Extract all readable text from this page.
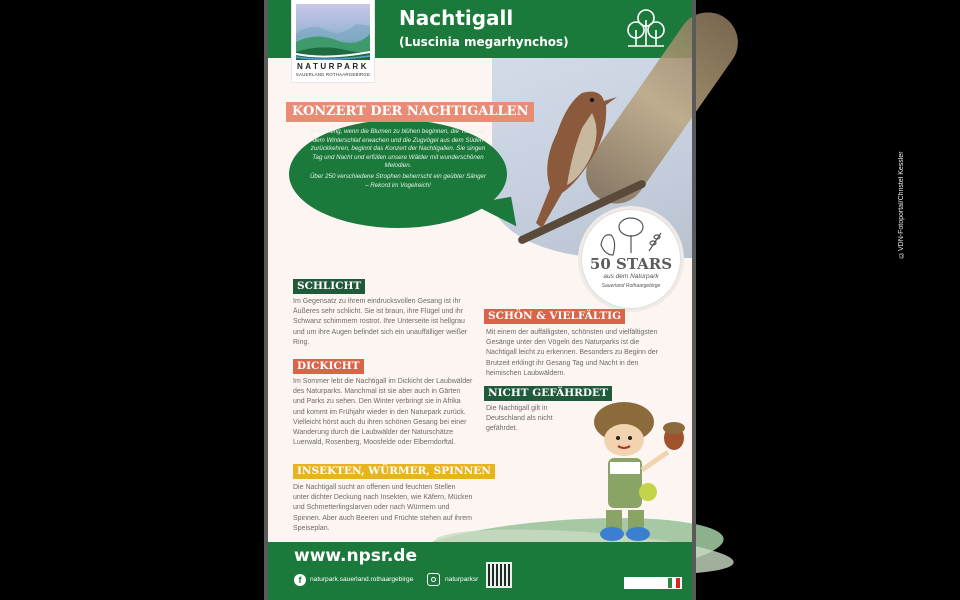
NATURPARK
SAUERLAND ROTHAARGEBIRGE
Nachtigall
(Luscinia megarhynchos)
©VDN-Fotoportal/Christel Kessler
KONZERT DER NACHTIGALLEN

Im Frühling, wenn die Blumen zu blühen beginnen, die Tiere aus dem Winterschlaf erwachen und die Zugvögel aus dem Süden zurückkehren, beginnt das Konzert der Nachtigallen. Sie singen Tag und Nacht und erfüllen unsere Wälder mit wunderschönen Melodien.

Über 250 verschiedene Strophen beherrscht ein geübter Sänger – Rekord im Vogelreich!

50 STARS
aus dem Naturpark
Sauerland Rothaargebirge
SCHLICHT
Im Gegensatz zu ihrem eindrucksvollen Gesang ist ihr Äußeres sehr schlicht. Sie ist braun, ihre Flügel und ihr Schwanz schimmern rostrot. Ihre Unterseite ist hellgrau und um ihre Augen befindet sich ein unauffälliger weißer Ring.
DICKICHT
Im Sommer lebt die Nachtigall im Dickicht der Laubwälder des Naturparks. Manchmal ist sie aber auch in Gärten und Parks zu sehen. Den Winter verbringt sie in Afrika und kommt im Frühjahr wieder in den Naturpark zurück. Vielleicht hörst auch du ihren schönen Gesang bei einer Wanderung durch die Laubwälder der Naturschätze Luerwald, Rosenberg, Moosfelde oder Elberndorftal.
INSEKTEN, WÜRMER, SPINNEN
Die Nachtigall sucht an offenen und feuchten Stellen unter dichter Deckung nach Insekten, wie Käfern, Mücken und Schmetterlingslarven oder nach Würmern und Spinnen. Aber auch Beeren und Früchte stehen auf ihrem Speiseplan.
SCHÖN & VIELFÄLTIG
Mit einem der auffälligsten, schönsten und vielfältigsten Gesänge unter den Vögeln des Naturparks ist die Nachtigall leicht zu erkennen. Besonders zu Beginn der Brutzeit erklingt ihr Gesang Tag und Nacht in den heimischen Laubwäldern.
NICHT GEFÄHRDET
Die Nachtigall gilt in Deutschland als nicht gefährdet.
www.npsr.de
f	naturpark.sauerland.rothaargebirge	naturparksr
